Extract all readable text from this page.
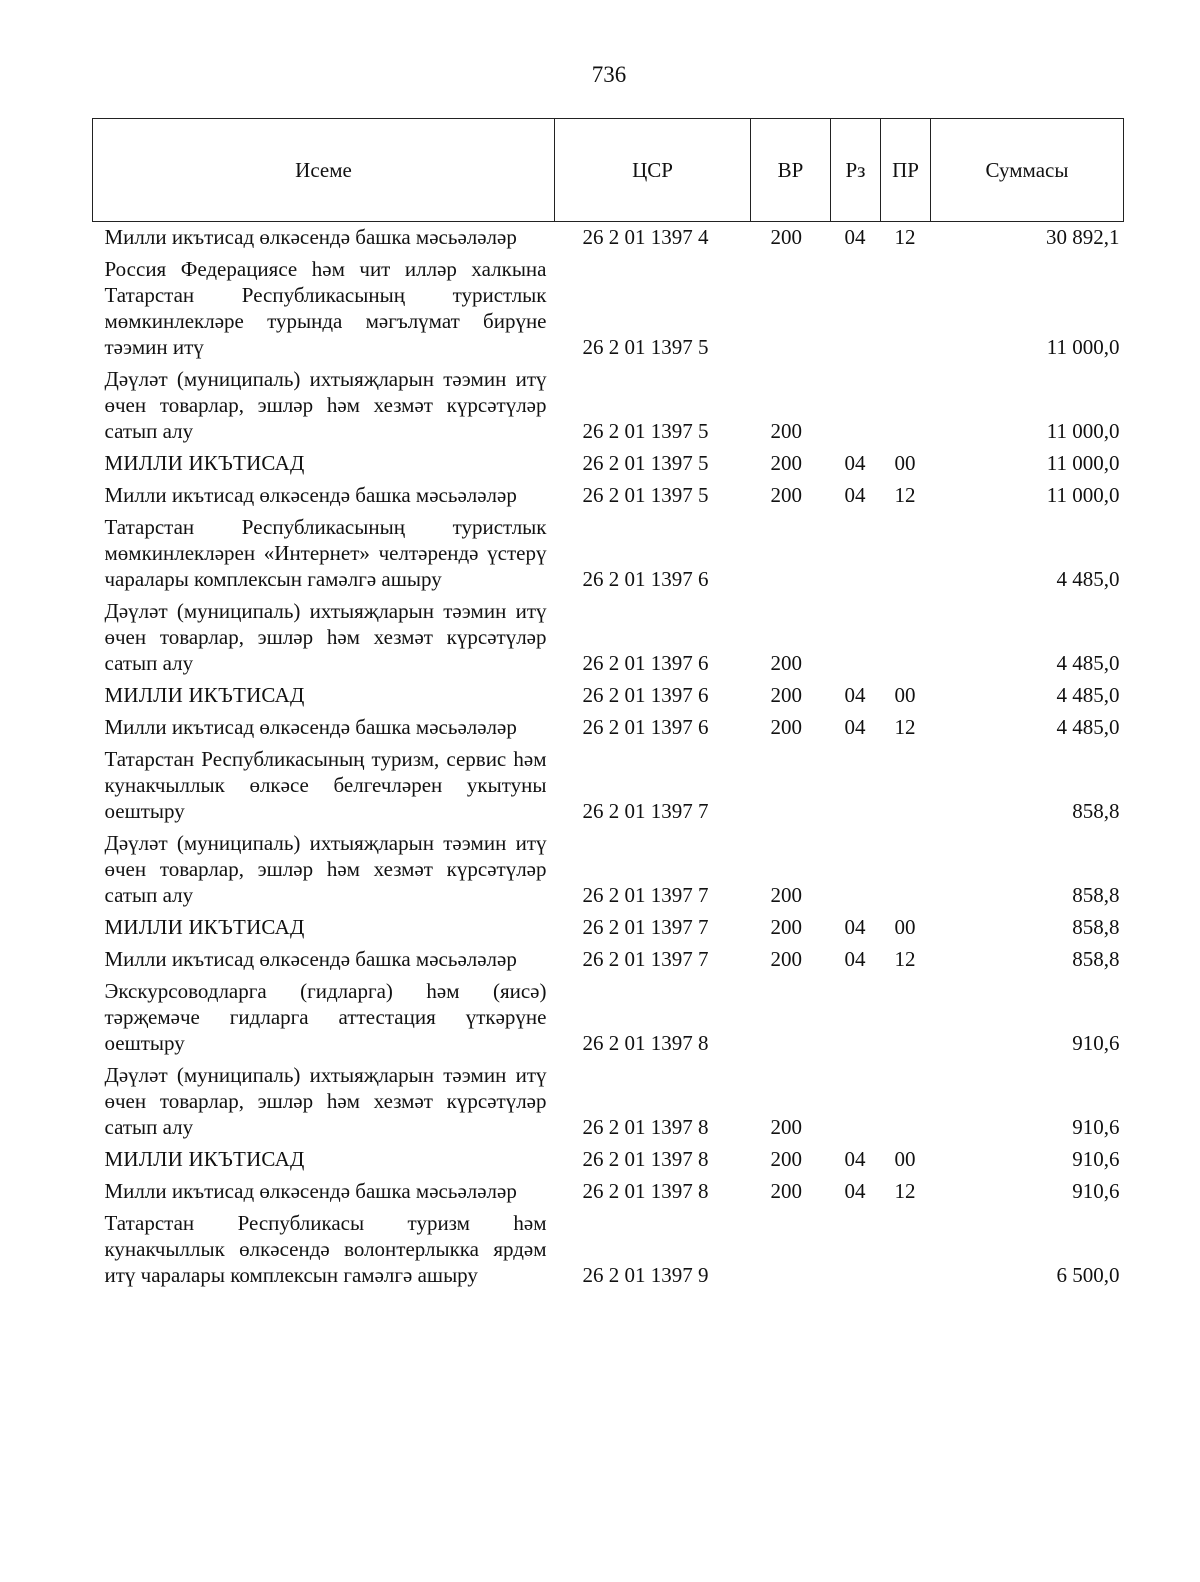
736
Исеме	ЦСР	ВР	Рз	ПР	Суммасы
Милли икътисад өлкәсендә башка мәсьәләләр	26 2 01 1397 4	200	04	12	30 892,1
Россия Федерациясе һәм чит илләр халкына Татарстан Республикасының туристлык мөмкинлекләре турында мәгълүмат бирүне тәэмин итү	26 2 01 1397 5				11 000,0
Дәүләт (муниципаль) ихтыяҗларын тәэмин итү өчен товарлар, эшләр һәм хезмәт күрсәтүләр сатып алу	26 2 01 1397 5	200			11 000,0
МИЛЛИ ИКЪТИСАД	26 2 01 1397 5	200	04	00	11 000,0
Милли икътисад өлкәсендә башка мәсьәләләр	26 2 01 1397 5	200	04	12	11 000,0
Татарстан Республикасының туристлык мөмкинлекләрен «Интернет» челтәрендә үстерү чаралары комплексын гамәлгә ашыру	26 2 01 1397 6				4 485,0
Дәүләт (муниципаль) ихтыяҗларын тәэмин итү өчен товарлар, эшләр һәм хезмәт күрсәтүләр сатып алу	26 2 01 1397 6	200			4 485,0
МИЛЛИ ИКЪТИСАД	26 2 01 1397 6	200	04	00	4 485,0
Милли икътисад өлкәсендә башка мәсьәләләр	26 2 01 1397 6	200	04	12	4 485,0
Татарстан Республикасының туризм, сервис һәм кунакчыллык өлкәсе белгечләрен укытуны оештыру	26 2 01 1397 7				858,8
Дәүләт (муниципаль) ихтыяҗларын тәэмин итү өчен товарлар, эшләр һәм хезмәт күрсәтүләр сатып алу	26 2 01 1397 7	200			858,8
МИЛЛИ ИКЪТИСАД	26 2 01 1397 7	200	04	00	858,8
Милли икътисад өлкәсендә башка мәсьәләләр	26 2 01 1397 7	200	04	12	858,8
Экскурсоводларга (гидларга) һәм (яисә) тәрҗемәче гидларга аттестация үткәрүне оештыру	26 2 01 1397 8				910,6
Дәүләт (муниципаль) ихтыяҗларын тәэмин итү өчен товарлар, эшләр һәм хезмәт күрсәтүләр сатып алу	26 2 01 1397 8	200			910,6
МИЛЛИ ИКЪТИСАД	26 2 01 1397 8	200	04	00	910,6
Милли икътисад өлкәсендә башка мәсьәләләр	26 2 01 1397 8	200	04	12	910,6
Татарстан Республикасы туризм һәм кунакчыллык өлкәсендә волонтерлыкка ярдәм итү чаралары комплексын гамәлгә ашыру	26 2 01 1397 9				6 500,0
